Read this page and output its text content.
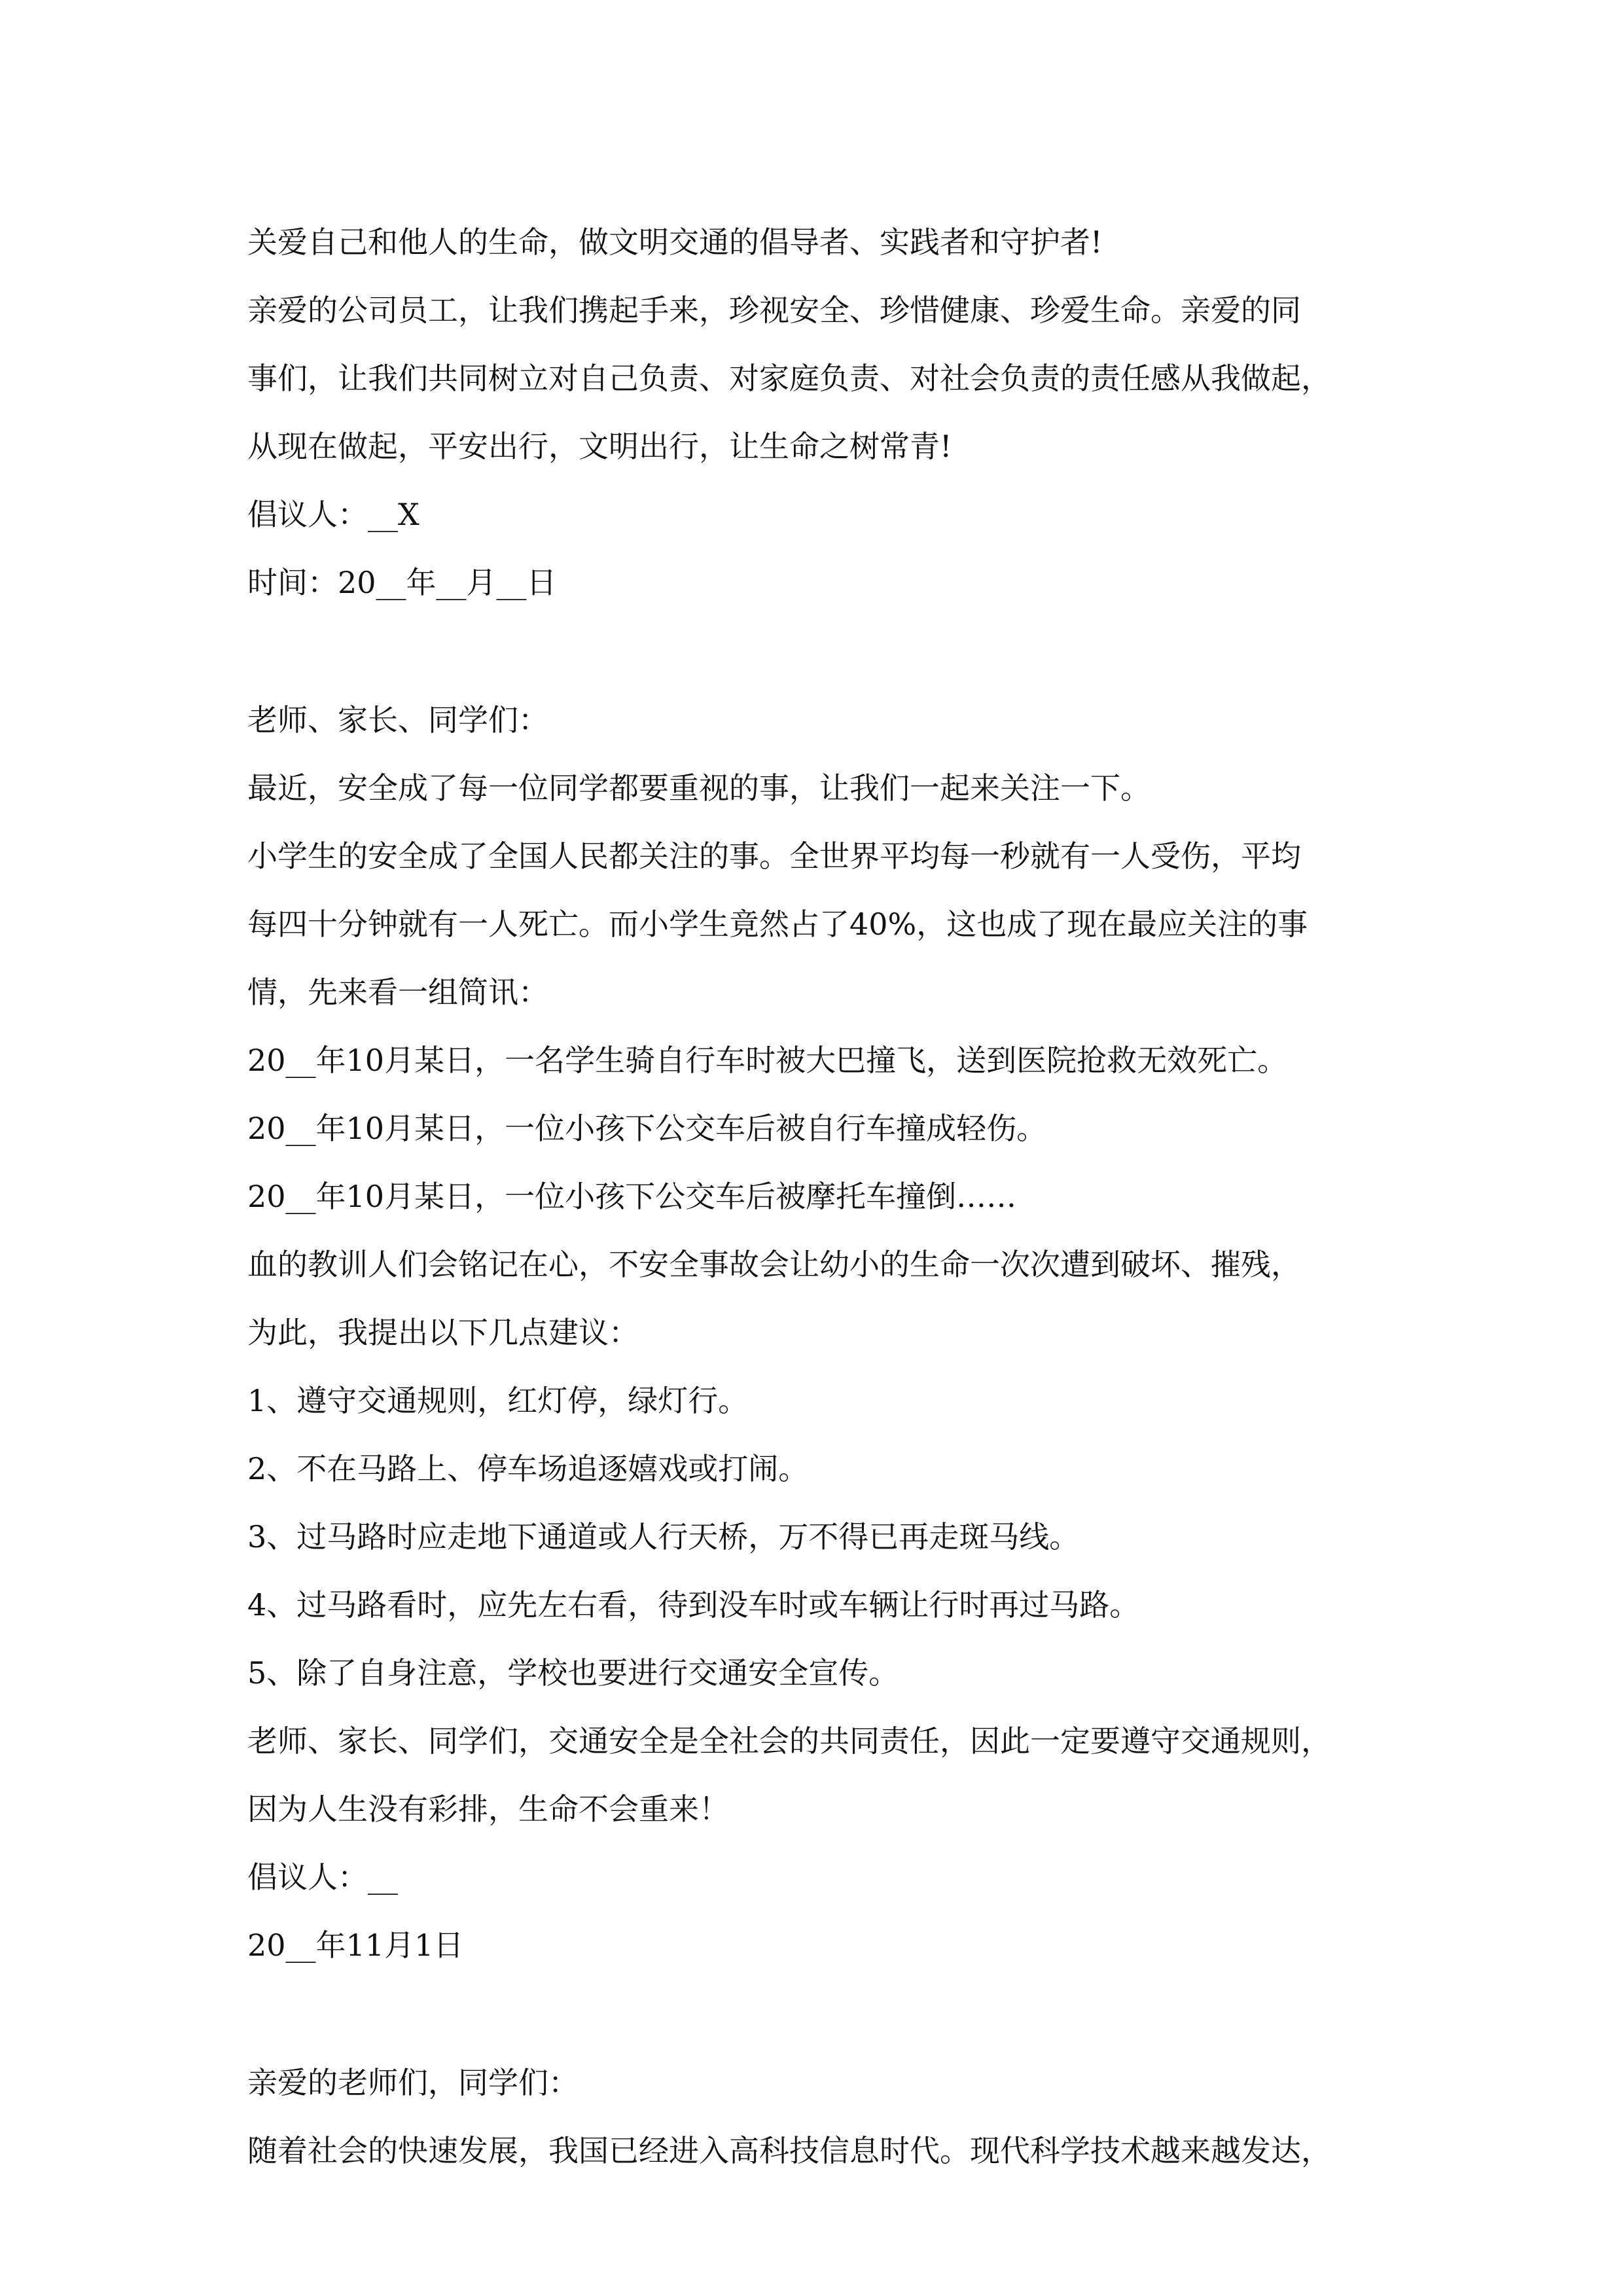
关爱自己和他人的生命，做文明交通的倡导者、实践者和守护者!

亲爱的公司员工，让我们携起手来，珍视安全、珍惜健康、珍爱生命。亲爱的同

事们，让我们共同树立对自己负责、对家庭负责、对社会负责的责任感从我做起，

从现在做起，平安出行，文明出行，让生命之树常青!

倡议人：__X

时间：20__年__月__日

老师、家长、同学们：

最近，安全成了每一位同学都要重视的事，让我们一起来关注一下。

小学生的安全成了全国人民都关注的事。全世界平均每一秒就有一人受伤，平均

每四十分钟就有一人死亡。而小学生竟然占了40%，这也成了现在最应关注的事

情，先来看一组简讯：

20__年10月某日，一名学生骑自行车时被大巴撞飞，送到医院抢救无效死亡。

20__年10月某日，一位小孩下公交车后被自行车撞成轻伤。

20__年10月某日，一位小孩下公交车后被摩托车撞倒……

血的教训人们会铭记在心，不安全事故会让幼小的生命一次次遭到破坏、摧残，

为此，我提出以下几点建议：

1、遵守交通规则，红灯停，绿灯行。

2、不在马路上、停车场追逐嬉戏或打闹。

3、过马路时应走地下通道或人行天桥，万不得已再走斑马线。

4、过马路看时，应先左右看，待到没车时或车辆让行时再过马路。

5、除了自身注意，学校也要进行交通安全宣传。

老师、家长、同学们，交通安全是全社会的共同责任，因此一定要遵守交通规则，

因为人生没有彩排，生命不会重来！

倡议人：__

20__年11月1日

亲爱的老师们，同学们：

随着社会的快速发展，我国已经进入高科技信息时代。现代科学技术越来越发达，
